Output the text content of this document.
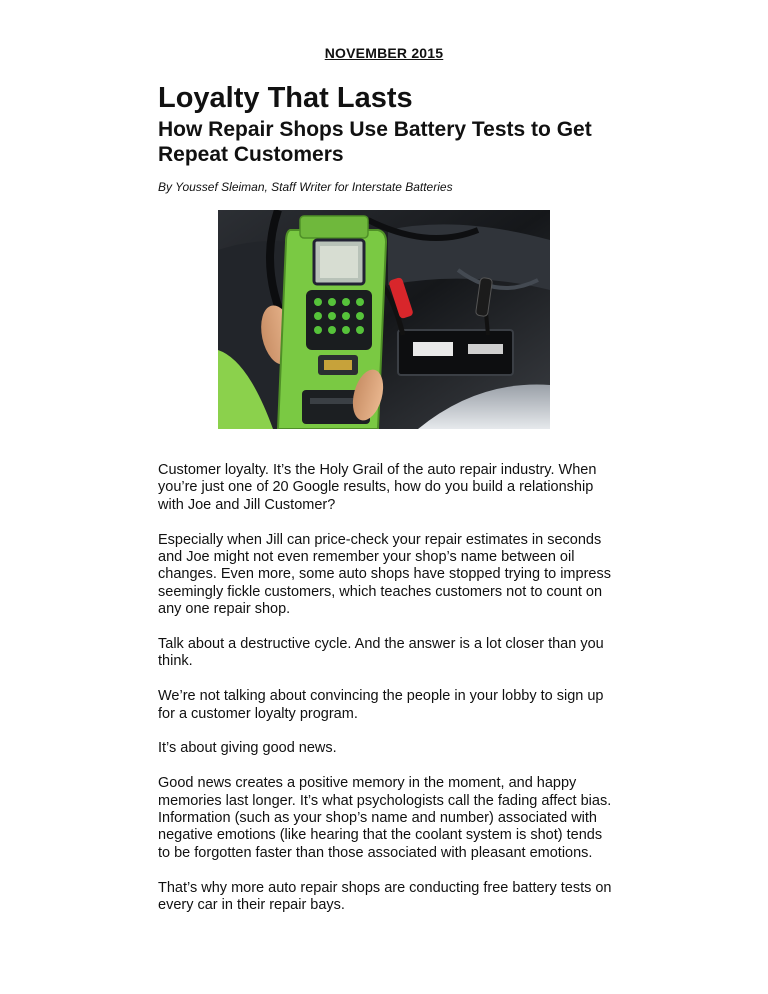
NOVEMBER 2015
Loyalty That Lasts
How Repair Shops Use Battery Tests to Get Repeat Customers
By Youssef Sleiman, Staff Writer for Interstate Batteries

Customer loyalty. It’s the Holy Grail of the auto repair industry. When you’re just one of 20 Google results, how do you build a relationship with Joe and Jill Customer?

Especially when Jill can price-check your repair estimates in seconds and Joe might not even remember your shop’s name between oil changes. Even more, some auto shops have stopped trying to impress seemingly fickle customers, which teaches customers not to count on any one repair shop.

Talk about a destructive cycle. And the answer is a lot closer than you think.

We’re not talking about convincing the people in your lobby to sign up for a customer loyalty program.

It’s about giving good news.

Good news creates a positive memory in the moment, and happy memories last longer. It’s what psychologists call the fading affect bias. Information (such as your shop’s name and number) associated with negative emotions (like hearing that the coolant system is shot) tends to be forgotten faster than those associated with pleasant emotions.

That’s why more auto repair shops are conducting free battery tests on every car in their repair bays.
